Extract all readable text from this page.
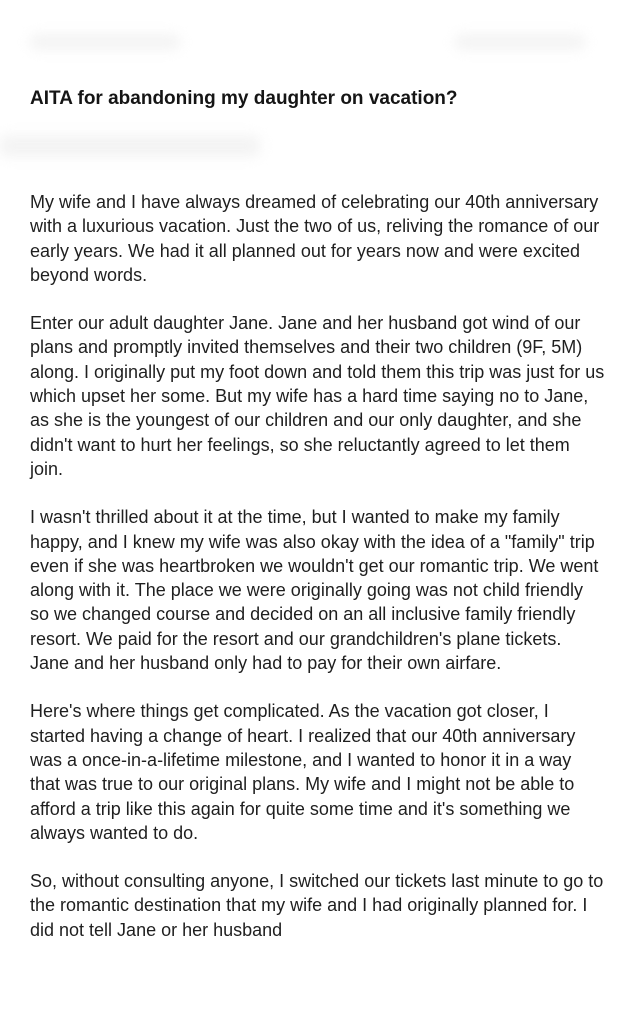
AITA for abandoning my daughter on vacation?

My wife and I have always dreamed of celebrating our 40th anniversary with a luxurious vacation. Just the two of us, reliving the romance of our early years. We had it all planned out for years now and were excited beyond words.

Enter our adult daughter Jane. Jane and her husband got wind of our plans and promptly invited themselves and their two children (9F, 5M) along. I originally put my foot down and told them this trip was just for us which upset her some. But my wife has a hard time saying no to Jane, as she is the youngest of our children and our only daughter, and she didn't want to hurt her feelings, so she reluctantly agreed to let them join.

I wasn't thrilled about it at the time, but I wanted to make my family happy, and I knew my wife was also okay with the idea of a "family" trip even if she was heartbroken we wouldn't get our romantic trip. We went along with it. The place we were originally going was not child friendly so we changed course and decided on an all inclusive family friendly resort. We paid for the resort and our grandchildren's plane tickets. Jane and her husband only had to pay for their own airfare.

Here's where things get complicated. As the vacation got closer, I started having a change of heart. I realized that our 40th anniversary was a once-in-a-lifetime milestone, and I wanted to honor it in a way that was true to our original plans. My wife and I might not be able to afford a trip like this again for quite some time and it's something we always wanted to do.

So, without consulting anyone, I switched our tickets last minute to go to the romantic destination that my wife and I had originally planned for. I did not tell Jane or her husband
